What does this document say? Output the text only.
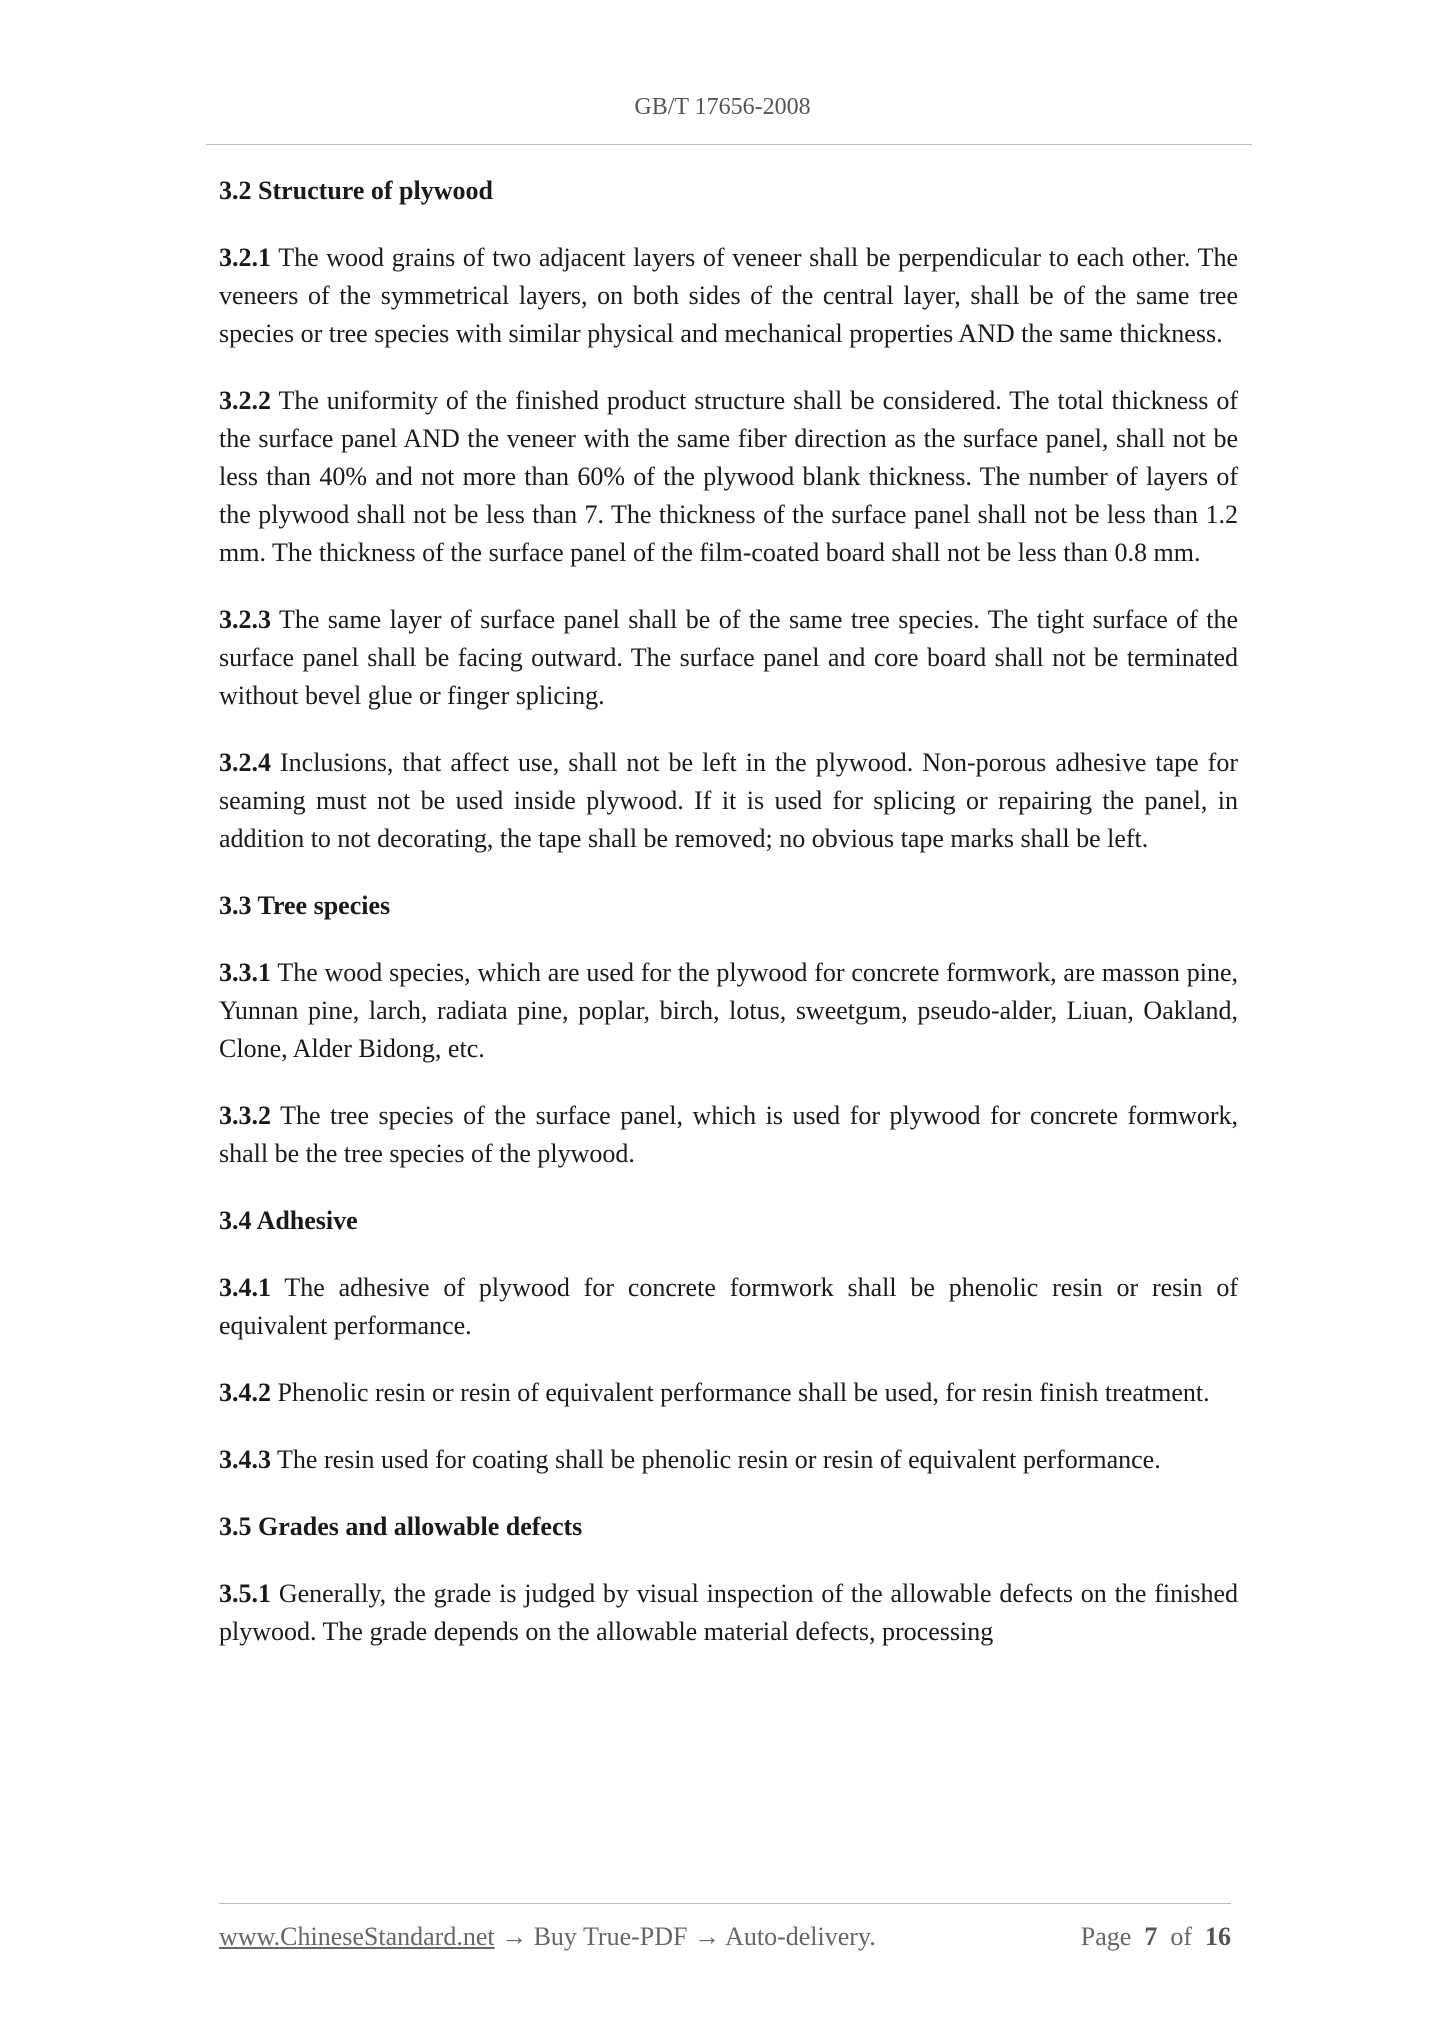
GB/T 17656-2008
3.2 Structure of plywood

3.2.1 The wood grains of two adjacent layers of veneer shall be perpendicular to each other. The veneers of the symmetrical layers, on both sides of the central layer, shall be of the same tree species or tree species with similar physical and mechanical properties AND the same thickness.

3.2.2 The uniformity of the finished product structure shall be considered. The total thickness of the surface panel AND the veneer with the same fiber direction as the surface panel, shall not be less than 40% and not more than 60% of the plywood blank thickness. The number of layers of the plywood shall not be less than 7. The thickness of the surface panel shall not be less than 1.2 mm. The thickness of the surface panel of the film-coated board shall not be less than 0.8 mm.

3.2.3 The same layer of surface panel shall be of the same tree species. The tight surface of the surface panel shall be facing outward. The surface panel and core board shall not be terminated without bevel glue or finger splicing.

3.2.4 Inclusions, that affect use, shall not be left in the plywood. Non-porous adhesive tape for seaming must not be used inside plywood. If it is used for splicing or repairing the panel, in addition to not decorating, the tape shall be removed; no obvious tape marks shall be left.

3.3 Tree species

3.3.1 The wood species, which are used for the plywood for concrete formwork, are masson pine, Yunnan pine, larch, radiata pine, poplar, birch, lotus, sweetgum, pseudo-alder, Liuan, Oakland, Clone, Alder Bidong, etc.

3.3.2 The tree species of the surface panel, which is used for plywood for concrete formwork, shall be the tree species of the plywood.

3.4 Adhesive

3.4.1 The adhesive of plywood for concrete formwork shall be phenolic resin or resin of equivalent performance.

3.4.2 Phenolic resin or resin of equivalent performance shall be used, for resin finish treatment.

3.4.3 The resin used for coating shall be phenolic resin or resin of equivalent performance.

3.5 Grades and allowable defects

3.5.1 Generally, the grade is judged by visual inspection of the allowable defects on the finished plywood. The grade depends on the allowable material defects, processing

www.ChineseStandard.net → Buy True-PDF → Auto-delivery.	Page 7 of 16
